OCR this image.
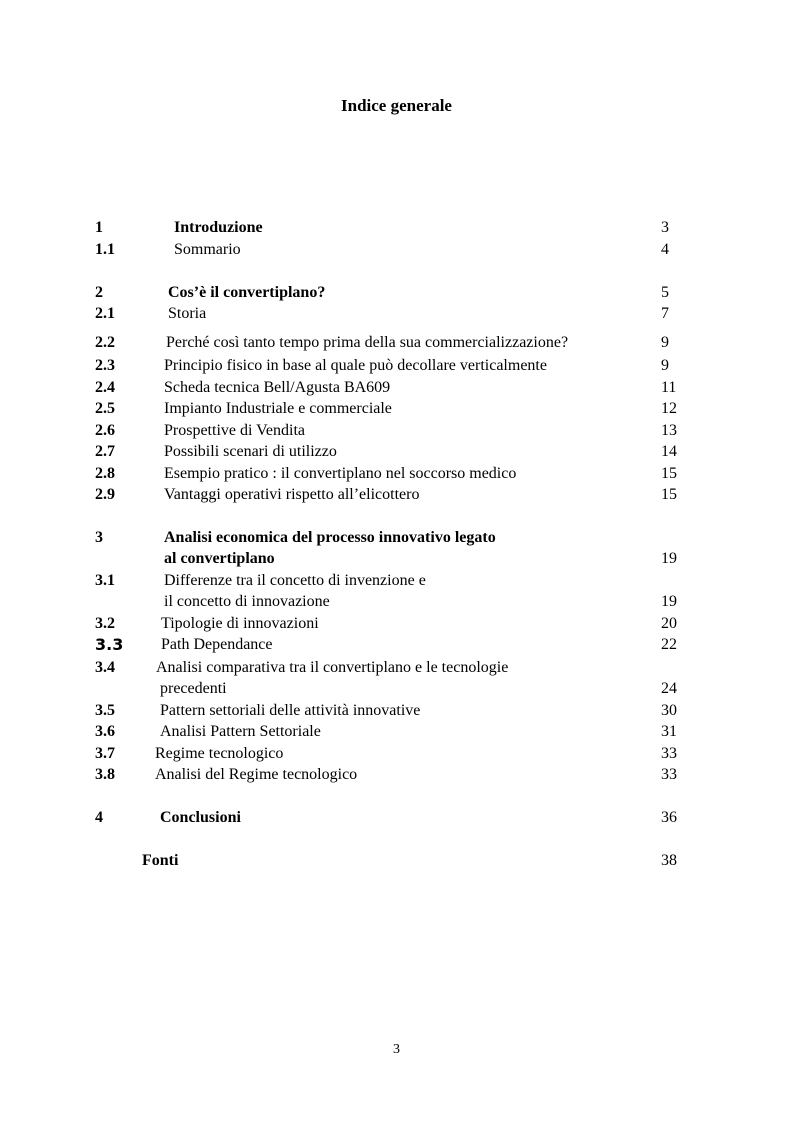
Indice generale
1	Introduzione	3
1.1	Sommario	4
2	Cos’è il convertiplano?	5
2.1	Storia	7
2.2	Perché così tanto tempo prima della sua commercializzazione?	9
2.3	Principio fisico in base al quale può decollare verticalmente	9
2.4	Scheda tecnica Bell/Agusta BA609	11
2.5	Impianto Industriale e commerciale	12
2.6	Prospettive di Vendita	13
2.7	Possibili scenari di utilizzo	14
2.8	Esempio pratico : il convertiplano nel soccorso medico	15
2.9	Vantaggi operativi rispetto all’elicottero	15
3	Analisi economica del processo innovativo legato
al convertiplano	19
3.1	Differenze tra il concetto di invenzione e
il concetto di innovazione	19
3.2	Tipologie di innovazioni	20
3.3 Path Dependance	22
3.4	Analisi comparativa tra il convertiplano e le tecnologie
precedenti	24
3.5	Pattern settoriali delle attività innovative	30
3.6	Analisi Pattern Settoriale	31
3.7	Regime tecnologico	33
3.8	Analisi del Regime tecnologico	33
4	Conclusioni	36
Fonti	38
3
